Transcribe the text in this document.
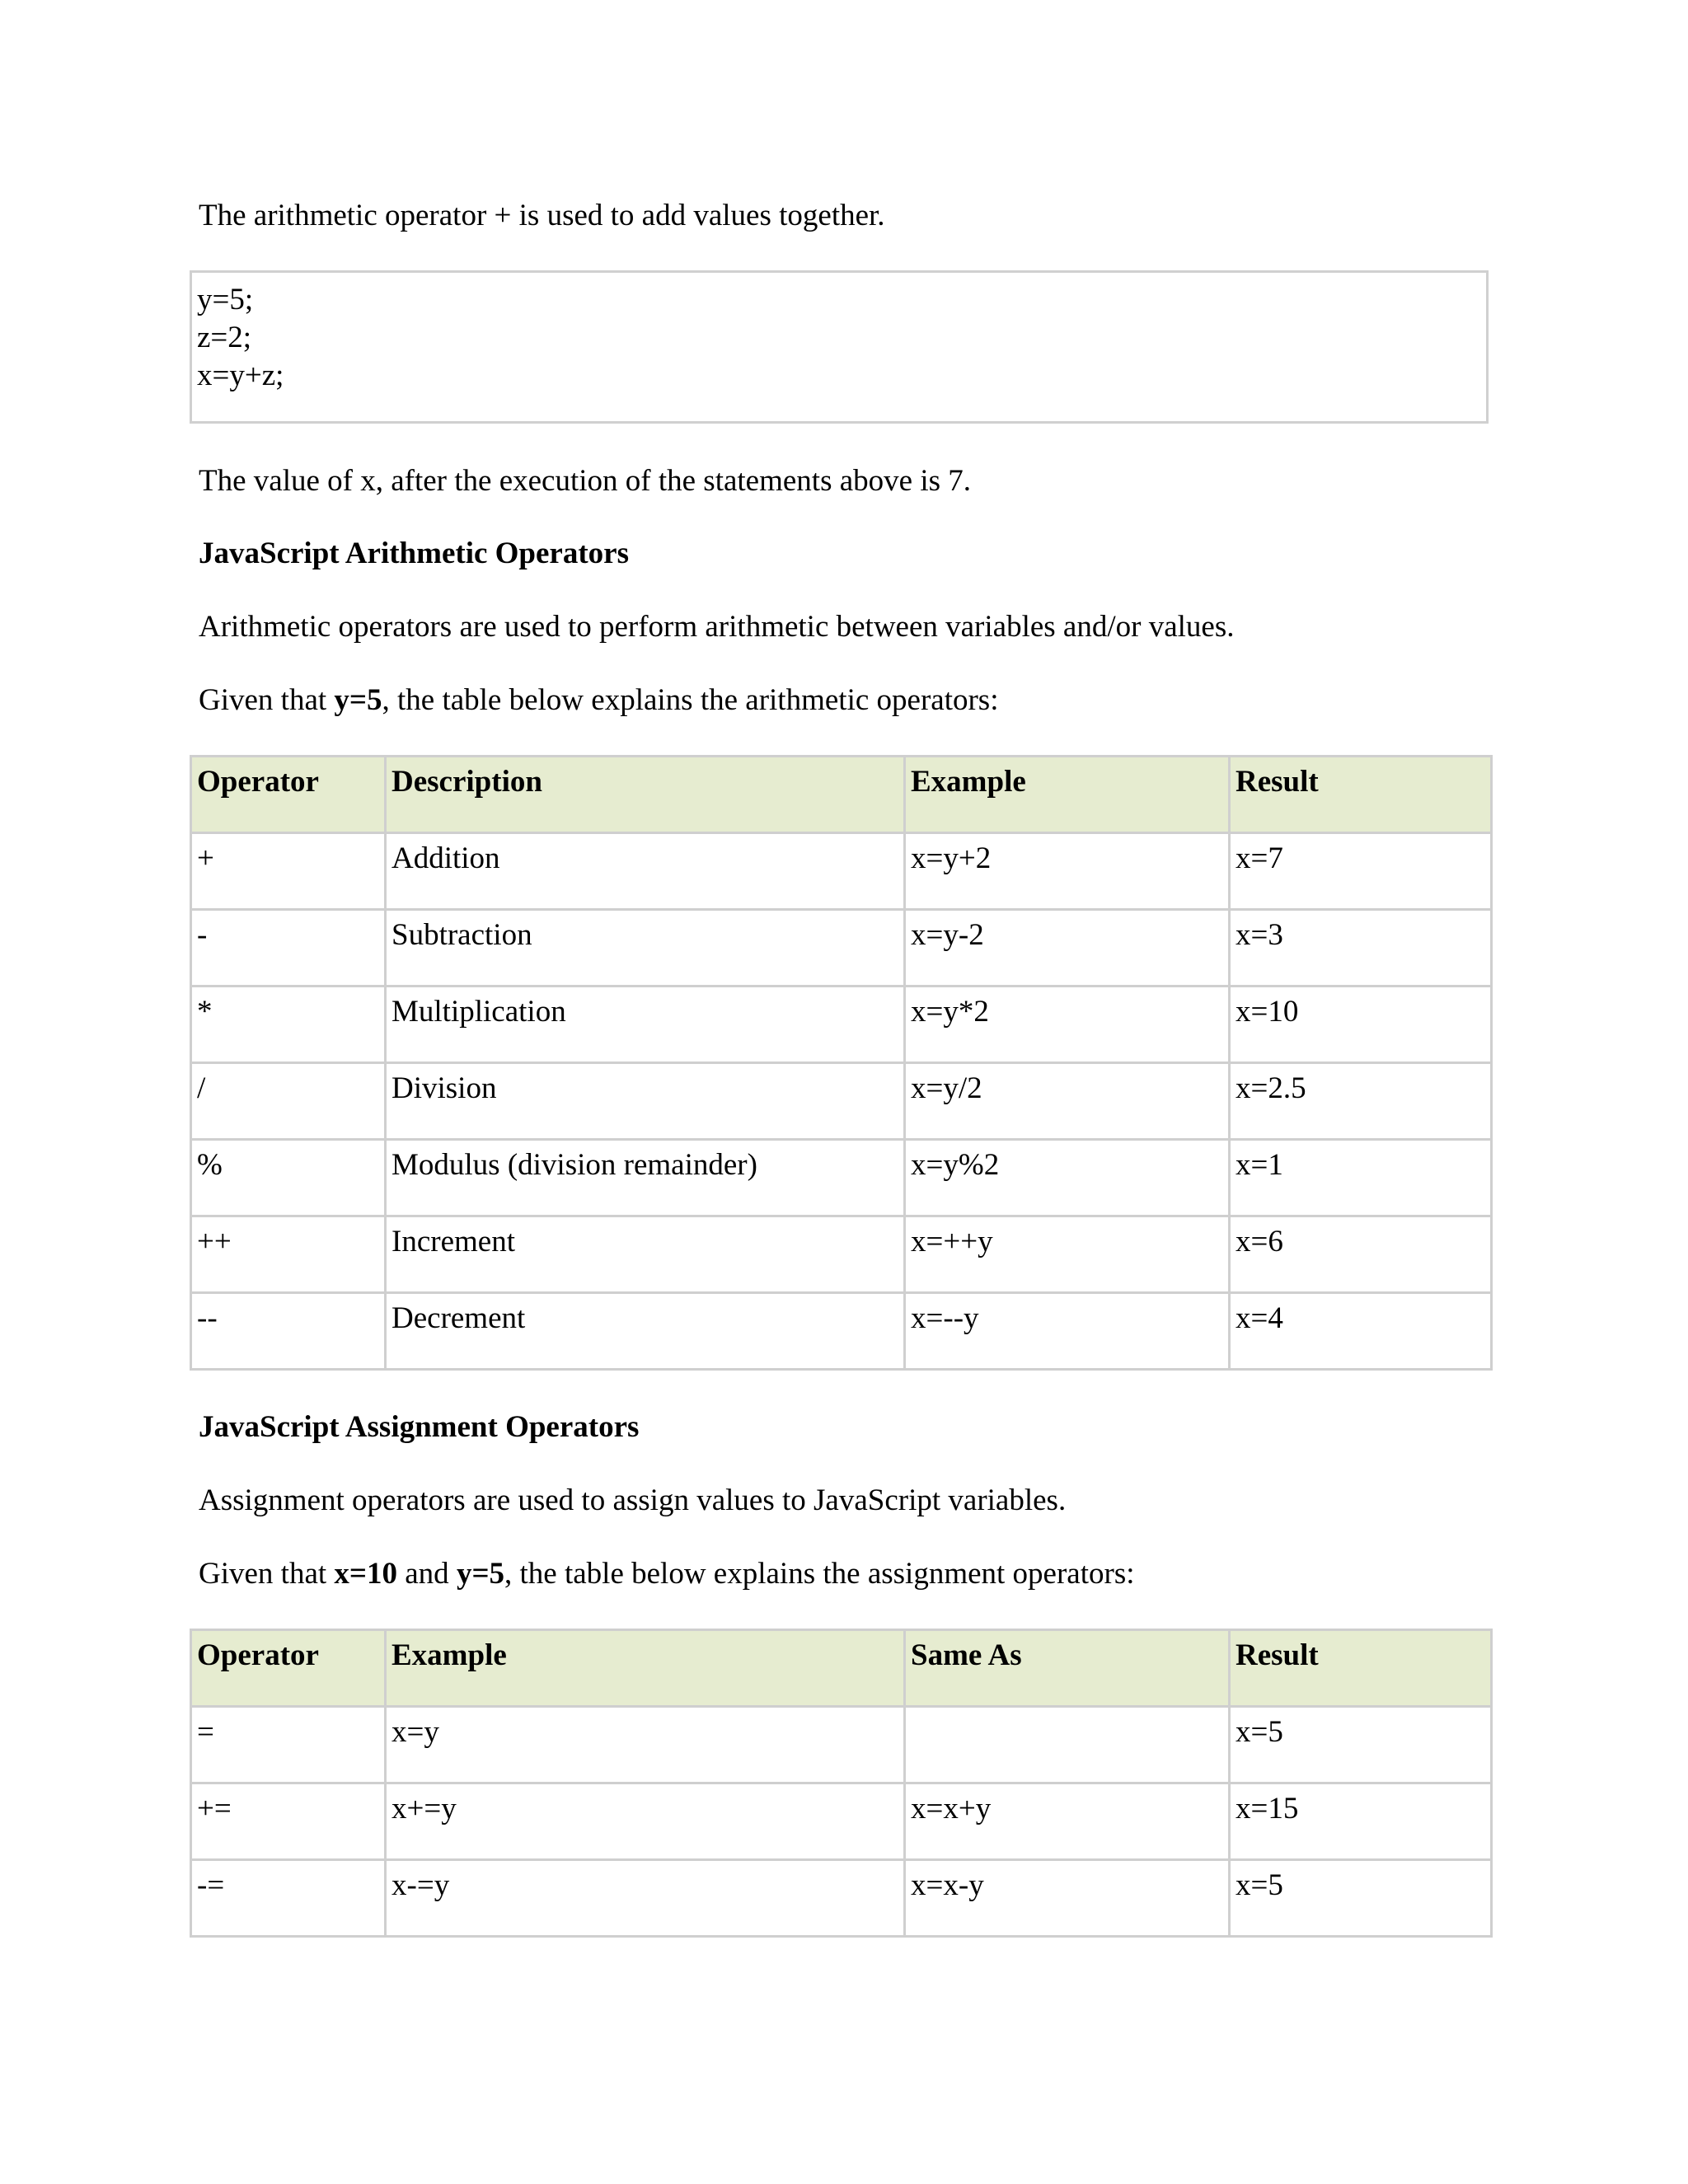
The arithmetic operator + is used to add values together.

y=5;
z=2;
x=y+z;

The value of x, after the execution of the statements above is 7.

JavaScript Arithmetic Operators

Arithmetic operators are used to perform arithmetic between variables and/or values.

Given that y=5, the table below explains the arithmetic operators:

Operator	Description	Example	Result
+	Addition	x=y+2	x=7
-	Subtraction	x=y-2	x=3
*	Multiplication	x=y*2	x=10
/	Division	x=y/2	x=2.5
%	Modulus (division remainder)	x=y%2	x=1
++	Increment	x=++y	x=6
--	Decrement	x=--y	x=4
JavaScript Assignment Operators

Assignment operators are used to assign values to JavaScript variables.

Given that x=10 and y=5, the table below explains the assignment operators:

Operator	Example	Same As	Result
=	x=y		x=5
+=	x+=y	x=x+y	x=15
-=	x-=y	x=x-y	x=5
